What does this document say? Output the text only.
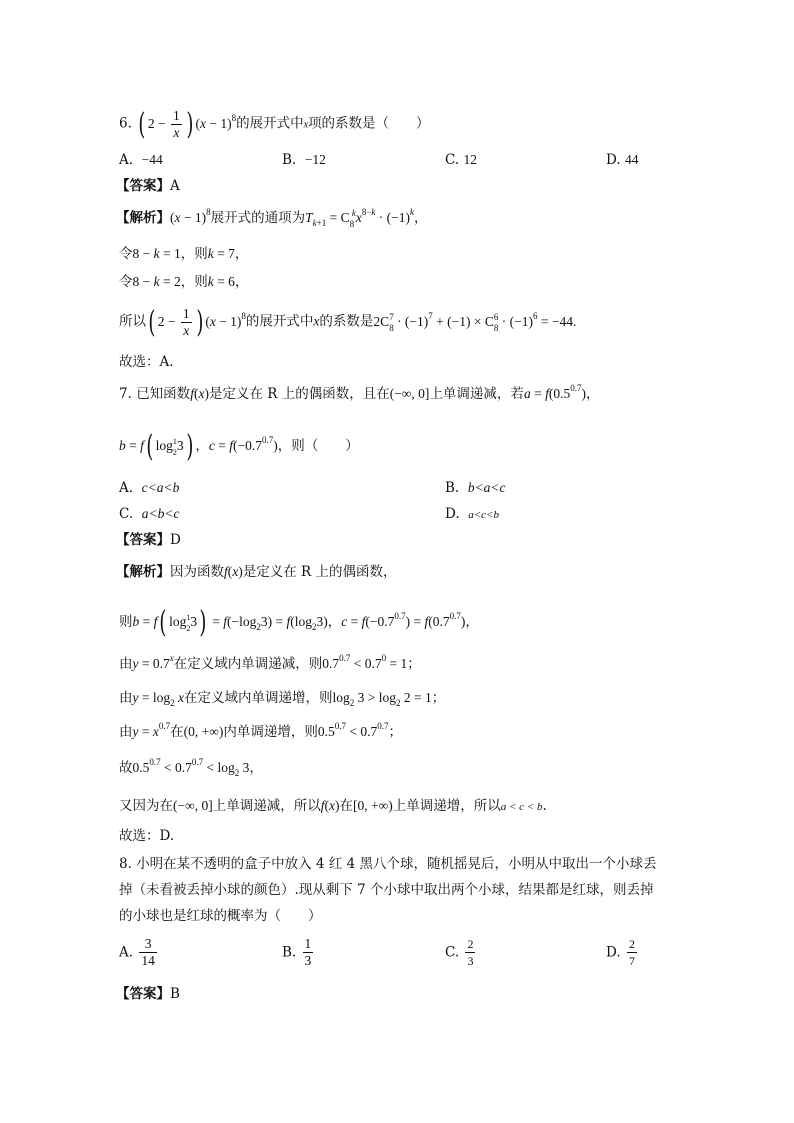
6. ( $2 - \frac{1}{x}$ ) $(x - 1)^8$的展开式中x项的系数是（　　）
A. −44	B. −12	C. 12	D. 44
【答案】A
【解析】$(x - 1)^8$展开式的通项为$T_{k+1} = C$ k
8 $x^{8-k} \cdot (-1)^k$，
令8 − k = 1，则k = 7，
令8 − k = 2，则k = 6，
所以( $2 - \frac{1}{x}$ ) $(x - 1)^8$的展开式中x的系数是2C7
$8 \cdot (-1)^7 + (-1) \times C6$
$8 \cdot (-1)^6 = -44$.
故选：A.
7. 已知函数f(x)是定义在 R 上的偶函数，且在(−∞, 0]上单调递减，若$a = f(0.5^{0.7})$，
b = f( log1
23) ，$c = f(-0.7^{0.7})$，则（　　）
A. c<a<b	B. b<a<c
C. a<b<c	D. a<c<b
【答案】D
【解析】因为函数f(x)是定义在 R 上的偶函数，
则b = f( log1
$23) = f(-\log_23) = f(\log_23)$，$c = f(-0.7^{0.7}) = f(0.7^{0.7})$，
由$y = 0.7^x$在定义域内单调递减，则$0.7^{0.7} < 0.7^0 = 1$；
由$y = \log_2 x$在定义域内单调递增，则$\log_2 3 > \log_2 2 = 1$；
由$y = x^{0.7}$在(0, +∞)内单调递增，则$0.5^{0.7} < 0.7^{0.7}$；
故$0.5^{0.7} < 0.7^{0.7} < \log_2 3$，
又因为在(−∞, 0]上单调递减，所以f(x)在[0, +∞)上单调递增，所以a < c < b.
故选：D.
8. 小明在某不透明的盒子中放入 4 红 4 黑八个球，随机摇晃后，小明从中取出一个小球丢
掉（未看被丢掉小球的颜色）.现从剩下 7 个小球中取出两个小球，结果都是红球，则丢掉
的小球也是红球的概率为（　　）
A. $\frac{3}{14}$	B. $\frac{1}{3}$	C. $\frac{2}{3}$	D. $\frac{2}{7}$
【答案】B
